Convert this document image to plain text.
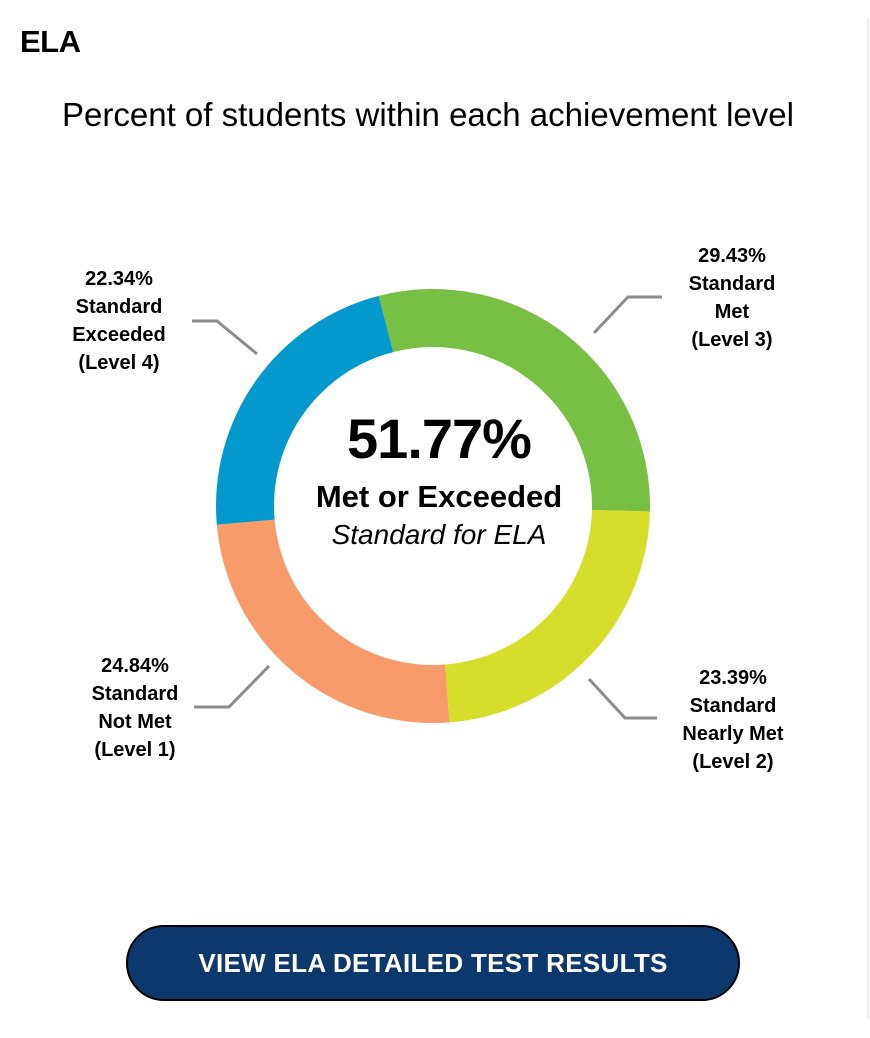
ELA
Percent of students within each achievement level
51.77%
Met or Exceeded
Standard for ELA
29.43%
Standard
Met
(Level 3)
23.39%
Standard
Nearly Met
(Level 2)
24.84%
Standard
Not Met
(Level 1)
22.34%
Standard
Exceeded
(Level 4)
VIEW ELA DETAILED TEST RESULTS
